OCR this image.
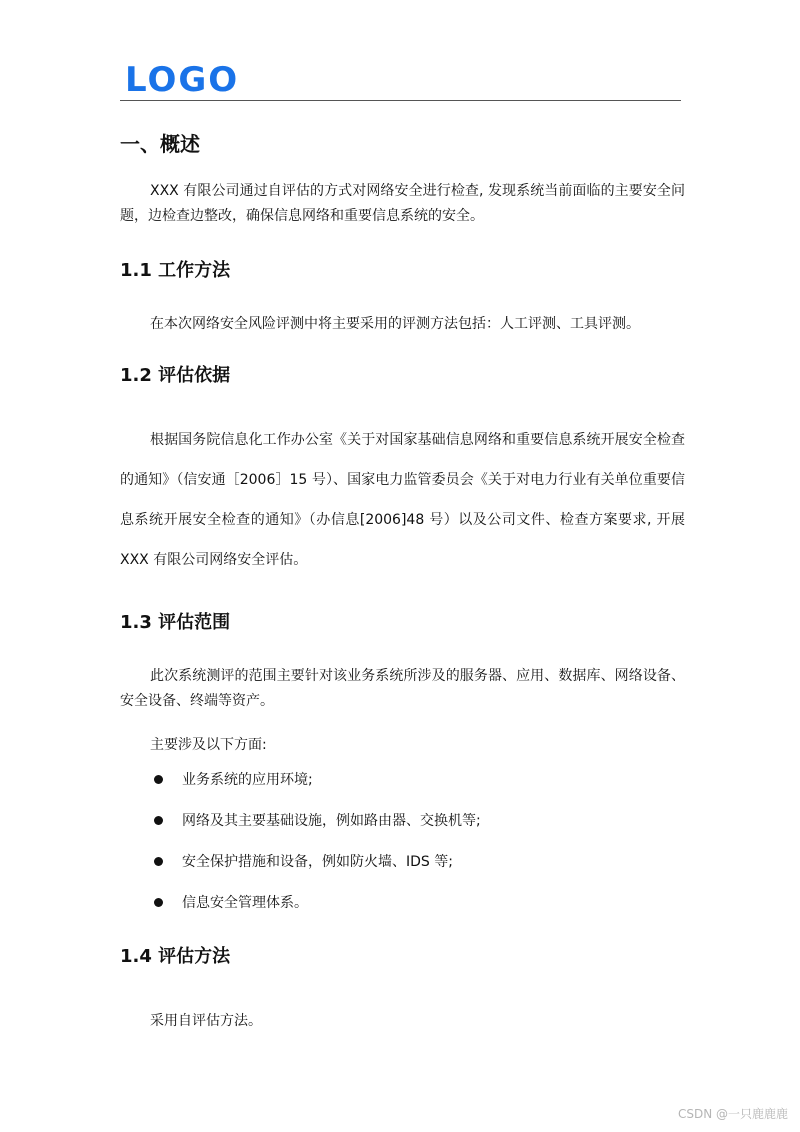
LOGO
一、概述
XXX 有限公司通过自评估的方式对网络安全进行检查, 发现系统当前面临的主要安全问题，边检查边整改，确保信息网络和重要信息系统的安全。
1.1 工作方法
在本次网络安全风险评测中将主要采用的评测方法包括：人工评测、工具评测。
1.2 评估依据
根据国务院信息化工作办公室《关于对国家基础信息网络和重要信息系统开展安全检查的通知》（信安通［2006］15 号）、国家电力监管委员会《关于对电力行业有关单位重要信息系统开展安全检查的通知》（办信息[2006]48 号）以及公司文件、检查方案要求, 开展 XXX 有限公司网络安全评估。
1.3 评估范围
此次系统测评的范围主要针对该业务系统所涉及的服务器、应用、数据库、网络设备、安全设备、终端等资产。
主要涉及以下方面:
业务系统的应用环境;
网络及其主要基础设施，例如路由器、交换机等;
安全保护措施和设备，例如防火墙、IDS 等;
信息安全管理体系。
1.4 评估方法
采用自评估方法。
CSDN @一只鹿鹿鹿
